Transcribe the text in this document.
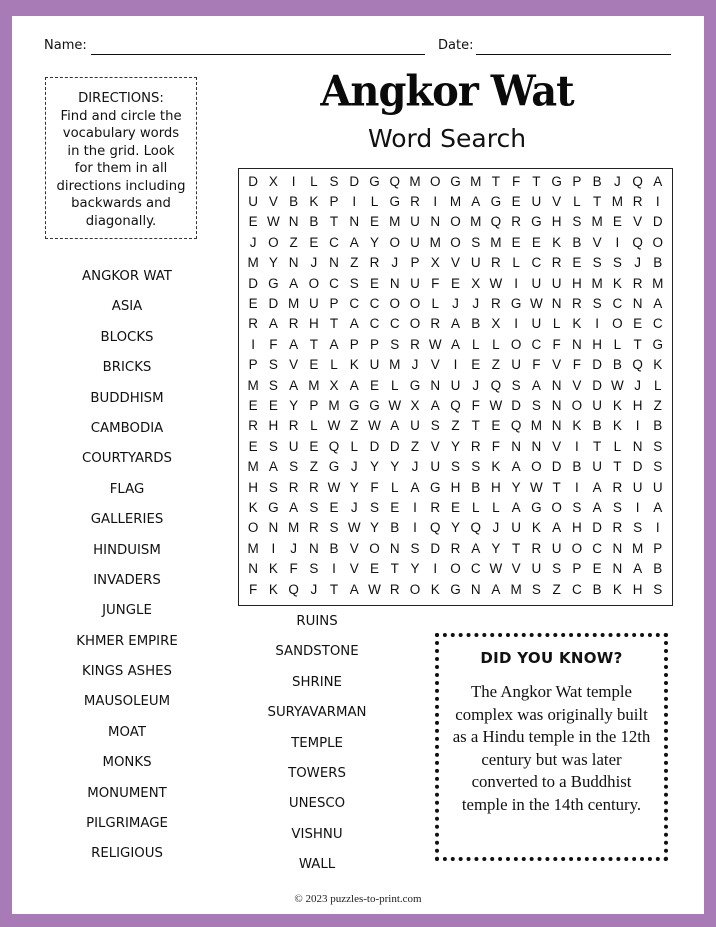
Name:	Date:
DIRECTIONS:
Find and circle the
vocabulary words
in the grid. Look
for them in all
directions including
backwards and
diagonally.
Angkor Wat
Word Search
D X	I	L S D G Q M O G M T F T G P B J Q A
U V B K P	I	L G R I M A G E U V L T M R I
E W N B T N E M U N O M Q R G H S M E V D
J O Z E C A Y O U M O S M E E K B V	I Q O
M Y N J N Z R J P X V U R L C R E S S J B
D G A O C S E N U F E X W I U U H M K R M
E D M U P C C O O L J J R G W N R S C N A
R A R H T A C C O R A B X	I U L K	I O E C
I	F A T A P P S R W A L L O C F N H L T G
P S V E L K U M J V	I	E Z U F V F D B Q K
M S A M X A E L G N U J Q S A N V D W J L
E E Y P M G G W X A Q F W D S N O U K H Z
R H R L W Z W A U S Z T E Q M N K B K	I	B
E S U E Q L D D Z V Y R F N N V	I	T L N S
M A S Z G J Y Y J U S S K A O D B U T D S
H S R R W Y F L A G H B H Y W T	I	A R U U
K G A S E J S E	I R E L L A G O S A S	I	A
O N M R S W Y B	I Q Y Q J U K A H D R S	I
M I	J N B V O N S D R A Y T R U O C N M P
N K F S	I	V E T Y	I O C W V U S P E N A B
F K Q J T A W R O K G N A M S Z C B K H S
ANGKOR WAT
ASIA
BLOCKS
BRICKS
BUDDHISM
CAMBODIA
COURTYARDS
FLAG
GALLERIES
HINDUISM
INVADERS
JUNGLE
KHMER EMPIRE
KINGS ASHES
MAUSOLEUM
MOAT
MONKS
MONUMENT
PILGRIMAGE
RELIGIOUS
RUINS
SANDSTONE
SHRINE
SURYAVARMAN
TEMPLE
TOWERS
UNESCO
VISHNU
WALL
DID YOU KNOW?
The Angkor Wat temple complex was originally built as a Hindu temple in the 12th century but was later converted to a Buddhist temple in the 14th century.
© 2023 puzzles-to-print.com
